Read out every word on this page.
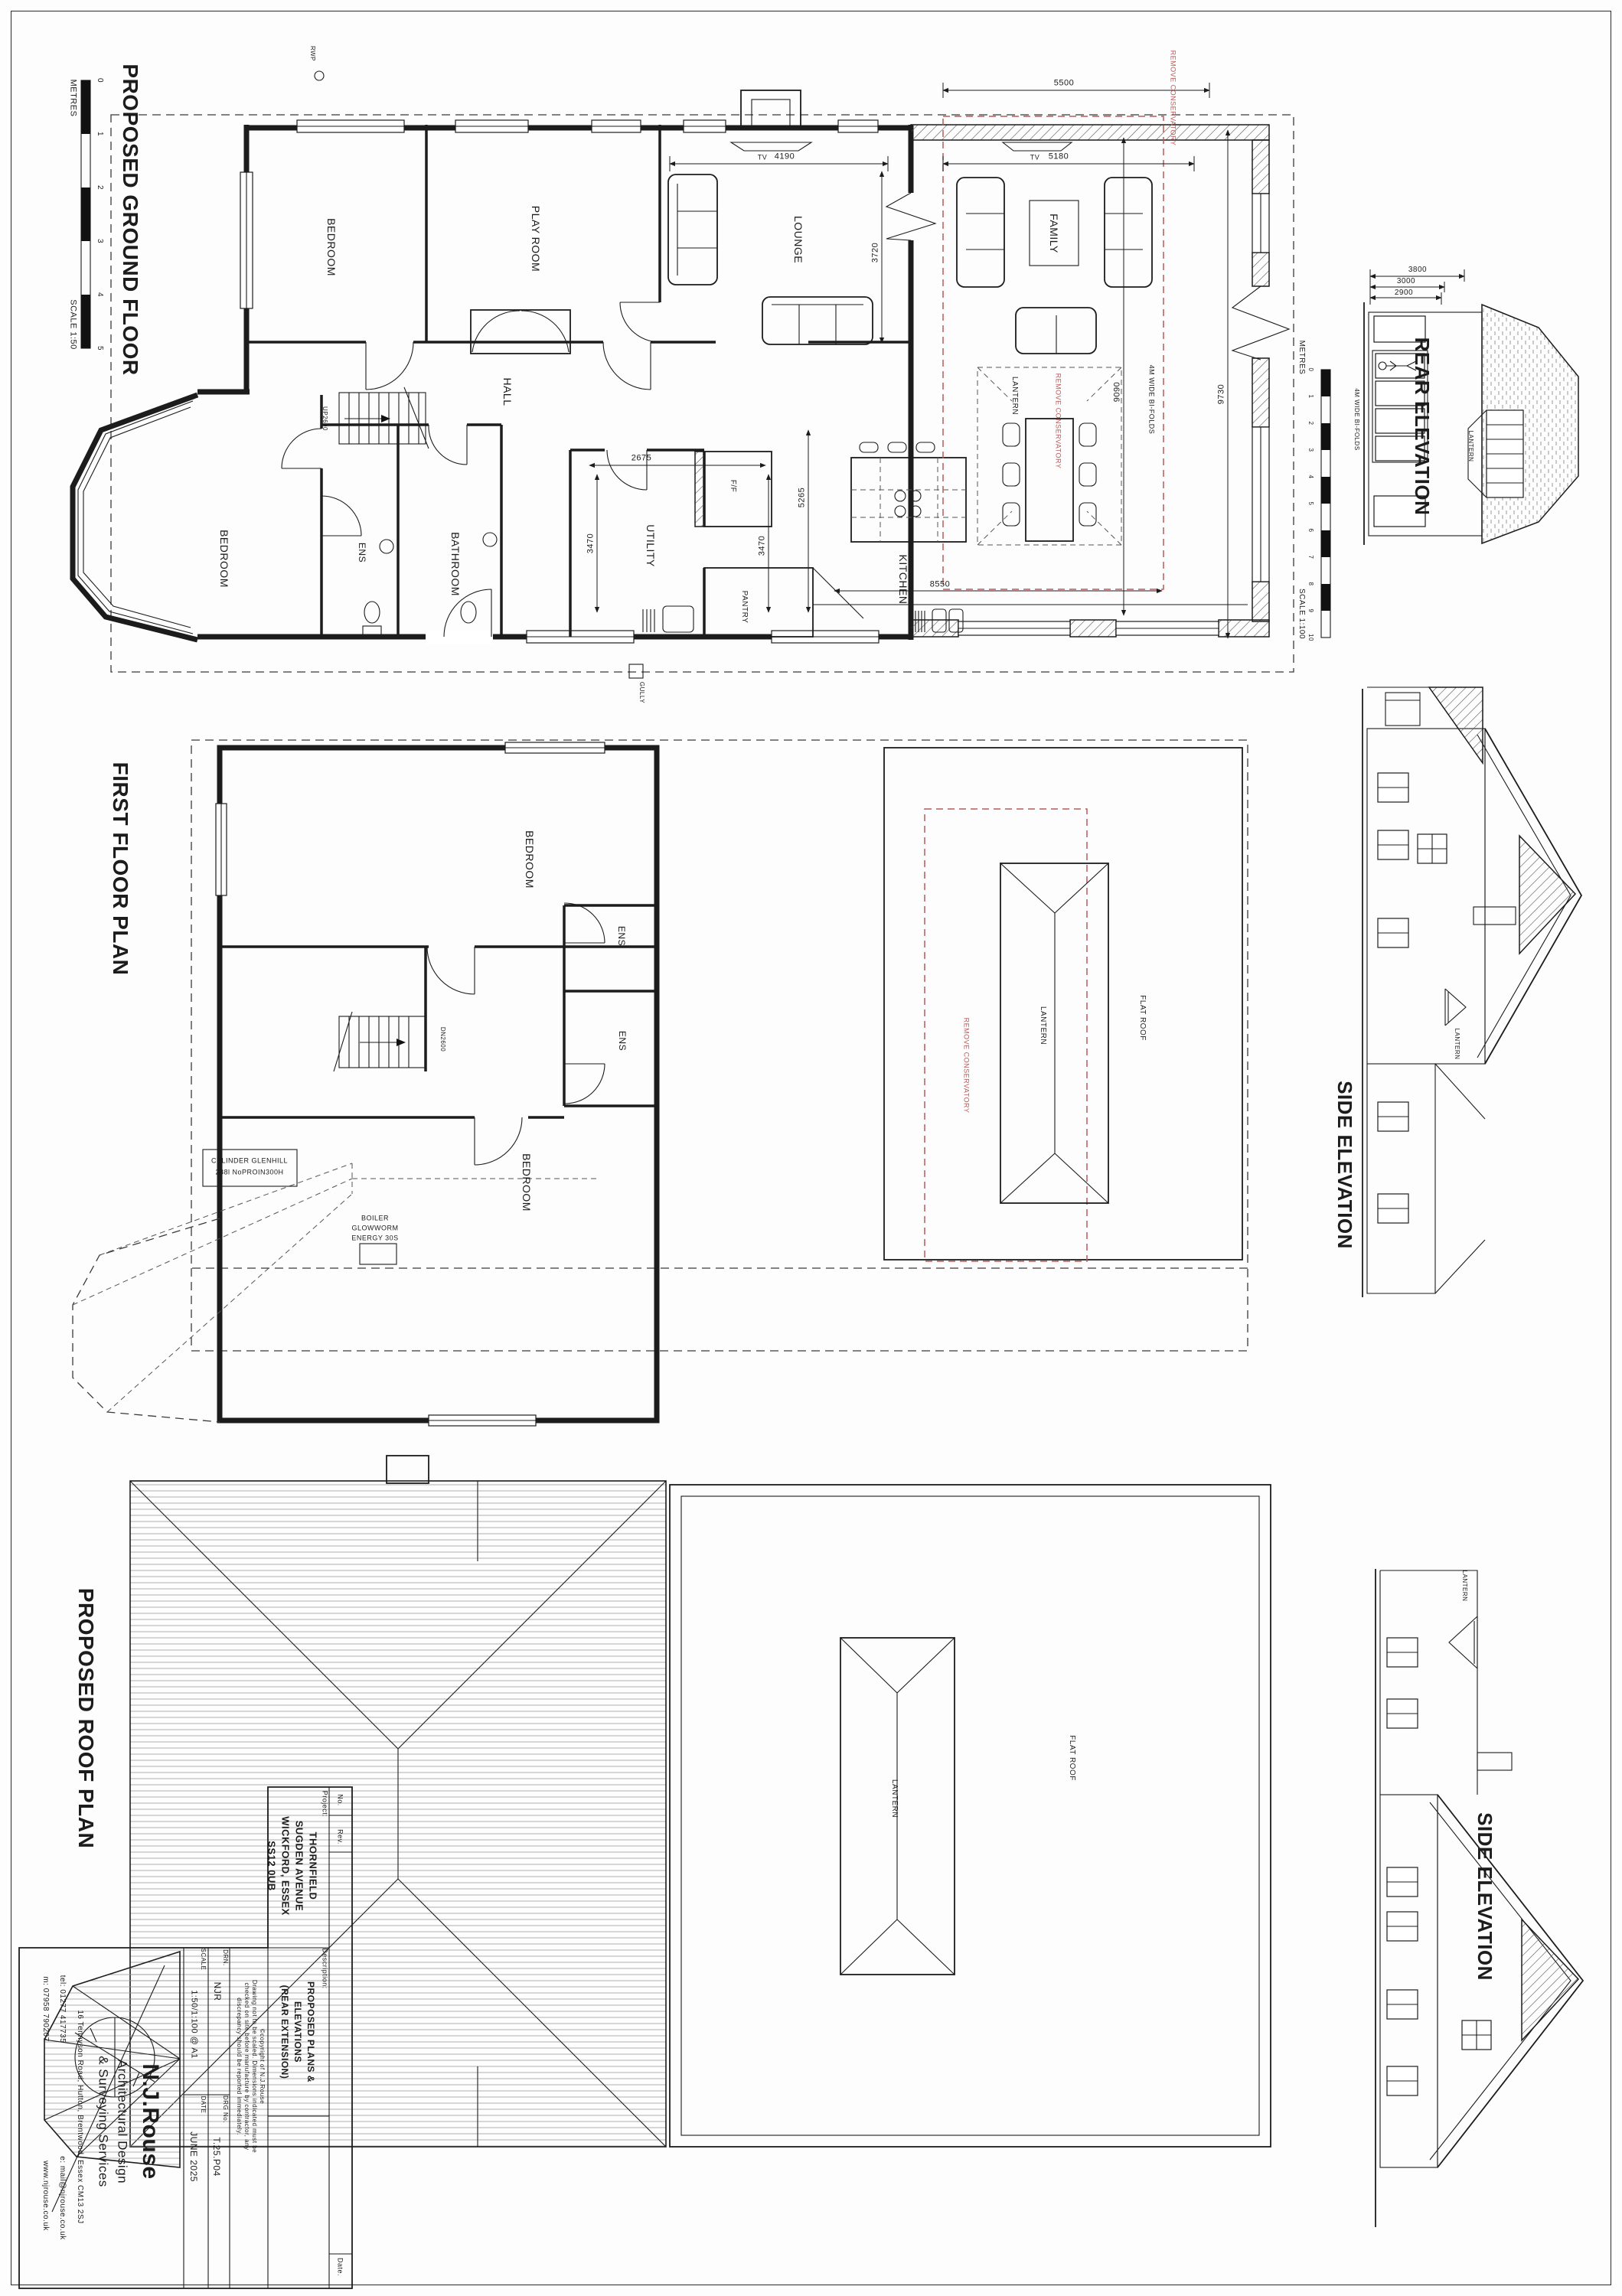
PROPOSED GROUND FLOOR
FIRST FLOOR PLAN
PROPOSED ROOF PLAN
REAR ELEVATION
SIDE ELEVATION
SIDE ELEVATION
METRES
SCALE 1:50
0
1
2
3
4
5	METRES
SCALE 1:100
0
1
2
3
4
5
6
7
8
9
10
BEDROOM	PLAY ROOM	LOUNGE	FAMILY
HALL
BEDROOM	ENS	BATHROOM	UTILITY
KITCHEN
PANTRY
F/F
RWP
GULLY
UP2600
LANTERN
REMOVE CONSERVATORY
REMOVE CONSERVATORY	4M WIDE BI-FOLDS
TV	TV
5500
5180
4190
2675
8550
3720
9090	9730
3470	3470
5265
BEDROOM
ENS
ENS
BEDROOM
DN2600	LANTERN	FLAT ROOF
REMOVE CONSERVATORY
CYLINDER GLENHILL
288l NoPROIN300H
BOILER
GLOWWORM
ENERGY 30S
LANTERN
FLAT ROOF
3800
3000
2900
4M WIDE BI-FOLDS	LANTERN
LANTERN
LANTERN
No.
Rev.
Date.
Project:
THORNFIELD
SUGDEN AVENUE
WICKFORD, ESSEX
SS12 0UB
Description:
PROPOSED PLANS &
ELEVATIONS
(REAR EXTENSION)
©copyright of N.J.Rouse
Drawing not to be scaled. Dimensions indicated must be
checked on site before manufacture by contractor, any
discrepancy should be reported immediately.
DRN.
NJR
DRG No.
T.25.P04
SCALE
1:50/1:100 @ A1
DATE
JUNE 2025
N.J.Rouse
Architectural Design
& Surveying Services
16 Tennyson Road, Hutton, Brentwood, Essex CM13 2SJ
tel: 01277 417735
e: mail@njrouse.co.uk
m: 07958 790207
www.njrouse.co.uk
